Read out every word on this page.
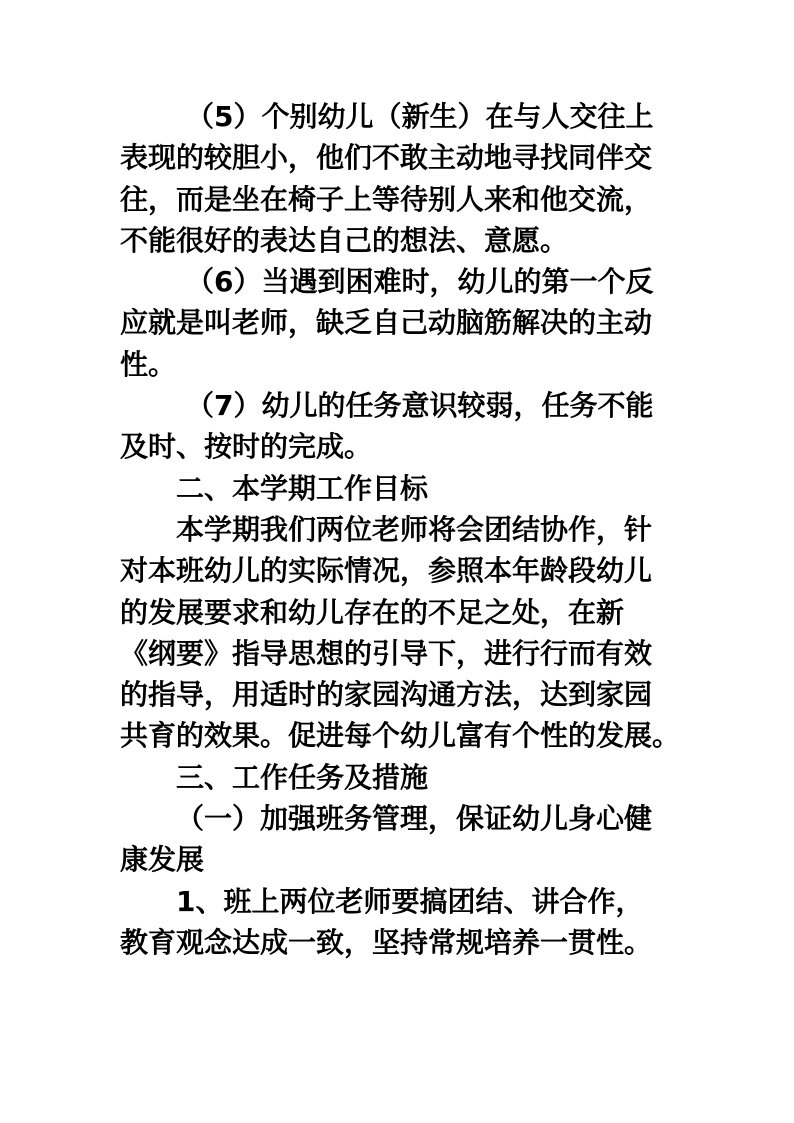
（5）个别幼儿（新生）在与人交往上
表现的较胆小，他们不敢主动地寻找同伴交
往，而是坐在椅子上等待别人来和他交流，
不能很好的表达自己的想法、意愿。
（6）当遇到困难时，幼儿的第一个反
应就是叫老师，缺乏自己动脑筋解决的主动
性。
（7）幼儿的任务意识较弱，任务不能
及时、按时的完成。
二、本学期工作目标
本学期我们两位老师将会团结协作，针
对本班幼儿的实际情况，参照本年龄段幼儿
的发展要求和幼儿存在的不足之处，在新
《纲要》指导思想的引导下，进行行而有效
的指导，用适时的家园沟通方法，达到家园
共育的效果。促进每个幼儿富有个性的发展。
三、工作任务及措施
（一）加强班务管理，保证幼儿身心健
康发展
1、班上两位老师要搞团结、讲合作，
教育观念达成一致，坚持常规培养一贯性。
